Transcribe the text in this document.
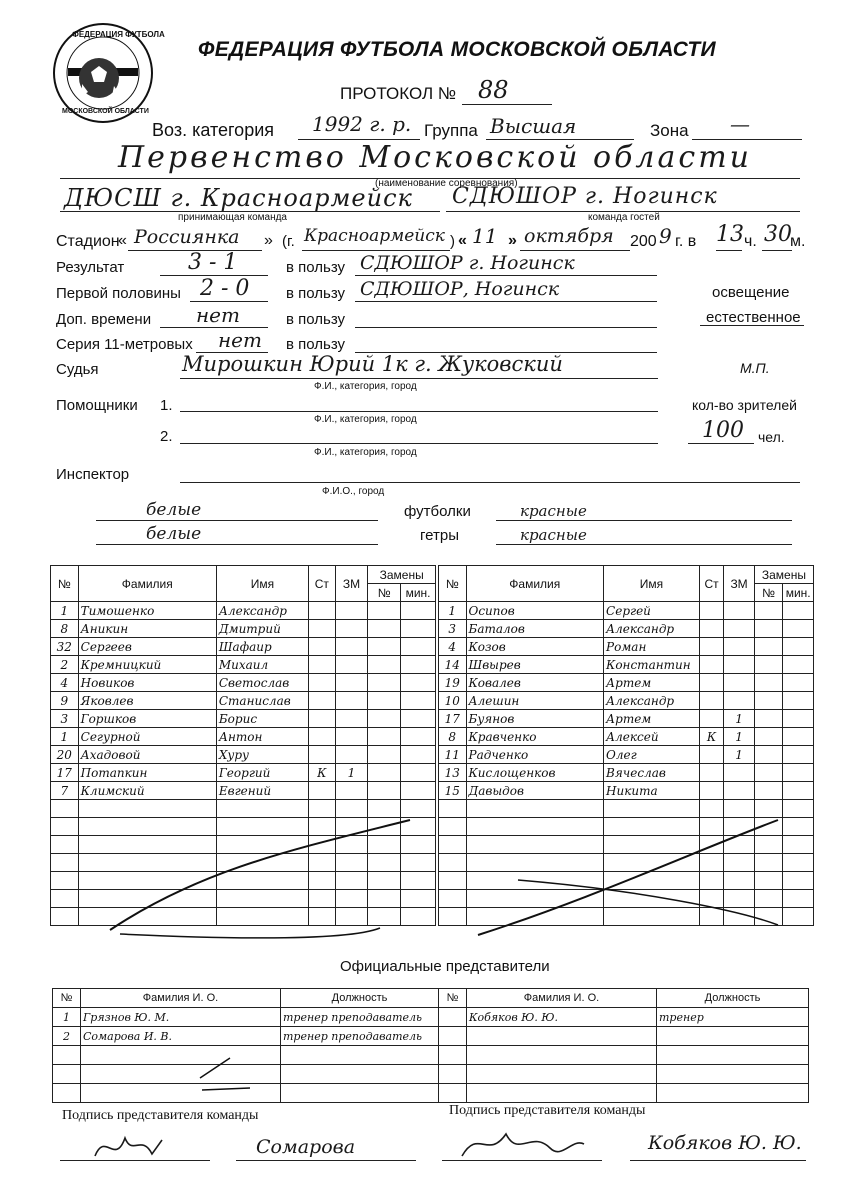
ФЕДЕРАЦИЯ ФУТБОЛА
МОСКОВСКОЙ ОБЛАСТИ
ФЕДЕРАЦИЯ ФУТБОЛА МОСКОВСКОЙ ОБЛАСТИ
ПРОТОКОЛ № 88
Воз. категория 1992 г. р. Группа Высшая	Зона —
Первенство Московской области
(наименование соревнования)
ДЮСШ г. Красноармейск
принимающая команда
СДЮШОР г. Ногинск
команда гостей
Стадион
« Россиянка » (г. Красноармейск ) « 11 » октября 200 9 г. в 13 ч. 30
м.
Результат	3 - 1	в пользу СДЮШОР г. Ногинск
Первой половины 2 - 0 в пользу СДЮШОР, Ногинск	освещение
Доп. времени нет	в пользу	естественное
Серия 11-метровых нет в пользу
Судья	Мирошкин Юрий 1к г. Жуковский
Ф.И., категория, город
М.П.
Помощники 1.
Ф.И., категория, город
кол-во зрителей
2.
Ф.И., категория, город
100 чел.
Инспектор
Ф.И.О., город
белые	футболки	красные
белые	гетры	красные
№	Фамилия	Имя	Ст	ЗМ	Замены	
					№	мин.
1	Тимошенко	Александр				
8	Аникин	Дмитрий				
32	Сергеев	Шафаир				
2	Кремницкий	Михаил				
4	Новиков	Светослав				
9	Яковлев	Станислав				
3	Горшков	Борис				
1	Сегурной	Антон				
20	Ахадовой	Хуру				
17	Потапкин	Георгий	К	1		
7	Климский	Евгений				

№	Фамилия	Имя	Ст	ЗМ	Замены	
					№	мин.
1	Осипов	Сергей				
3	Баталов	Александр				
4	Козов	Роман				
14	Швырев	Константин				
19	Ковалев	Артем				
10	Алешин	Александр				
17	Буянов	Артем		1		
8	Кравченко	Алексей	К	1		
11	Радченко	Олег		1		
13	Кислощенков	Вячеслав				
15	Давыдов	Никита				

Официальные представители
№	Фамилия И. О.	Должность
1	Грязнов Ю. М.	тренер преподаватель
2	Сомарова И. В.	тренер преподаватель

№	Фамилия И. О.	Должность
	Кобяков Ю. Ю.	тренер

Подпись представителя команды	Подпись представителя команды
Сомарова	Кобяков Ю. Ю.
